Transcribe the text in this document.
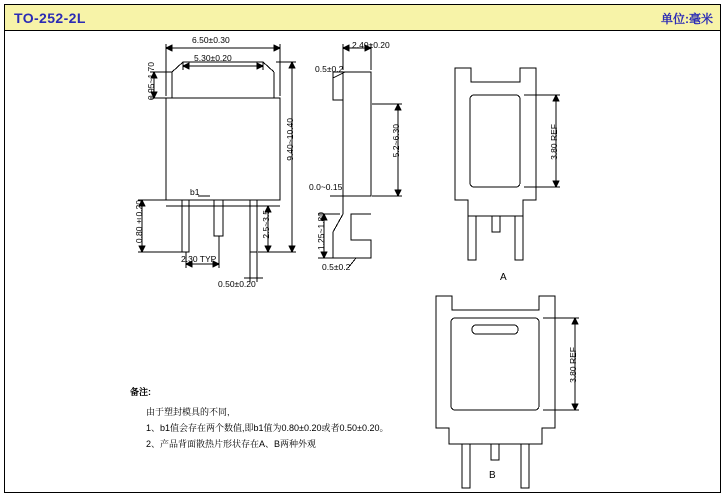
TO-252-2L	单位:毫米
6.50±0.30
5.30±0.20
0.95~1.70
9.40~10.40
b1
0.80±0.20
2.30 TYP
0.50±0.20
2.5~3.5
2.40±0.20
0.5±0.2
5.2~6.30
0.0~0.15
1.25~1.80
0.5±0.2
3.80 REF
3.80 REF
A
B
备注:
由于塑封模具的不同,
1、b1值会存在两个数值,即b1值为0.80±0.20或者0.50±0.20。
2、产品背面散热片形状存在A、B两种外观
